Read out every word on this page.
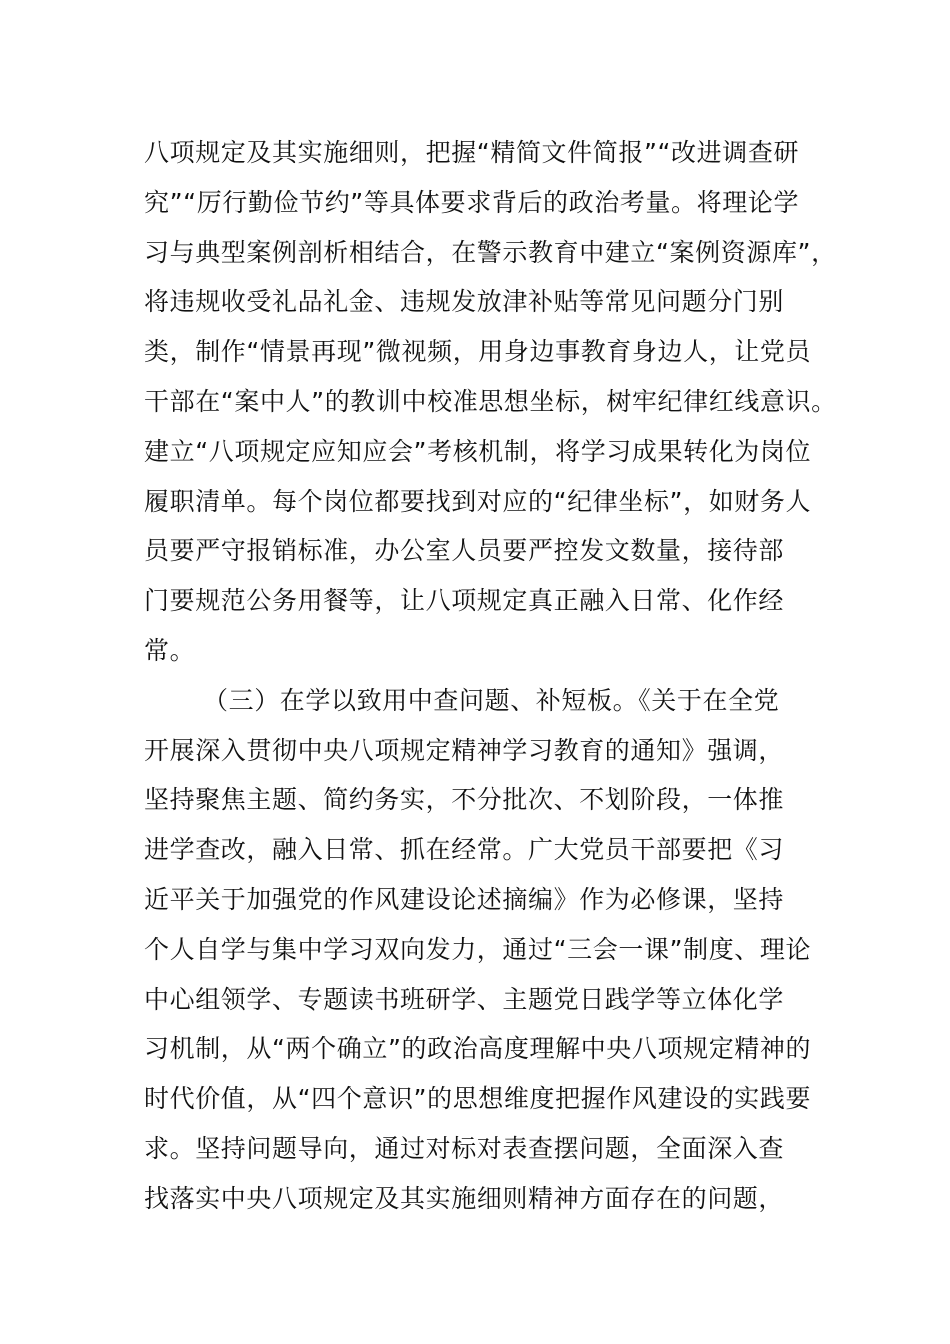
八项规定及其实施细则，把握“精简文件简报”“改进调查研
究”“厉行勤俭节约”等具体要求背后的政治考量。将理论学
习与典型案例剖析相结合，在警示教育中建立“案例资源库”，
将违规收受礼品礼金、违规发放津补贴等常见问题分门别
类，制作“情景再现”微视频，用身边事教育身边人，让党员
干部在“案中人”的教训中校准思想坐标，树牢纪律红线意识。
建立“八项规定应知应会”考核机制，将学习成果转化为岗位
履职清单。每个岗位都要找到对应的“纪律坐标”，如财务人
员要严守报销标准，办公室人员要严控发文数量，接待部
门要规范公务用餐等，让八项规定真正融入日常、化作经
常。
（三）在学以致用中查问题、补短板。《关于在全党
开展深入贯彻中央八项规定精神学习教育的通知》强调，
坚持聚焦主题、简约务实，不分批次、不划阶段，一体推
进学查改，融入日常、抓在经常。广大党员干部要把《习
近平关于加强党的作风建设论述摘编》作为必修课，坚持
个人自学与集中学习双向发力，通过“三会一课”制度、理论
中心组领学、专题读书班研学、主题党日践学等立体化学
习机制，从“两个确立”的政治高度理解中央八项规定精神的
时代价值，从“四个意识”的思想维度把握作风建设的实践要
求。坚持问题导向，通过对标对表查摆问题，全面深入查
找落实中央八项规定及其实施细则精神方面存在的问题，
